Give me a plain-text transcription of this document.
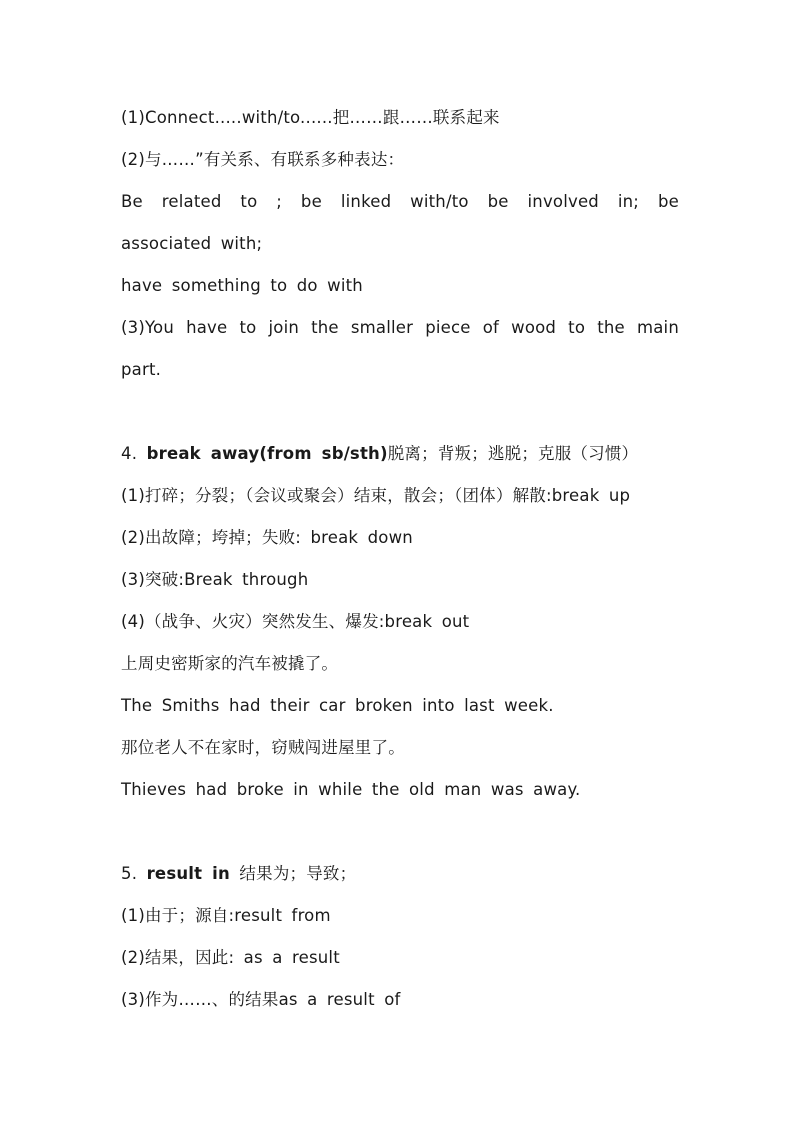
(1)Connect.....with/to......把……跟……联系起来
(2)与……”有关系、有联系多种表达：
Be related to ; be linked with/to be involved in; be
associated with;
have something to do with
(3)You have to join the smaller piece of wood to the main
part.
4. break away(from sb/sth)脱离；背叛；逃脱；克服（习惯）
(1)打碎；分裂；（会议或聚会）结束，散会；（团体）解散:break up
(2)出故障；垮掉；失败: break down
(3)突破:Break through
(4)（战争、火灾）突然发生、爆发:break out
上周史密斯家的汽车被撬了。
The Smiths had their car broken into last week.
那位老人不在家时，窃贼闯进屋里了。
Thieves had broke in while the old man was away.
5. result in 结果为；导致；
(1)由于；源自:result from
(2)结果，因此: as a result
(3)作为……、的结果as a result of
